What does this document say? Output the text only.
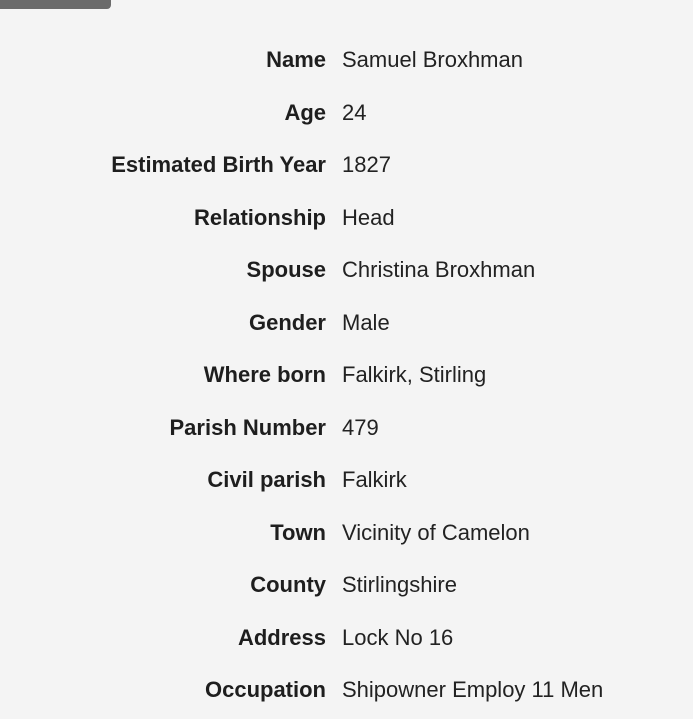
Name Samuel Broxhman
Age 24
Estimated Birth Year 1827
Relationship Head
Spouse Christina Broxhman
Gender Male
Where born Falkirk, Stirling
Parish Number 479
Civil parish Falkirk
Town Vicinity of Camelon
County Stirlingshire
Address Lock No 16
Occupation Shipowner Employ 11 Men
